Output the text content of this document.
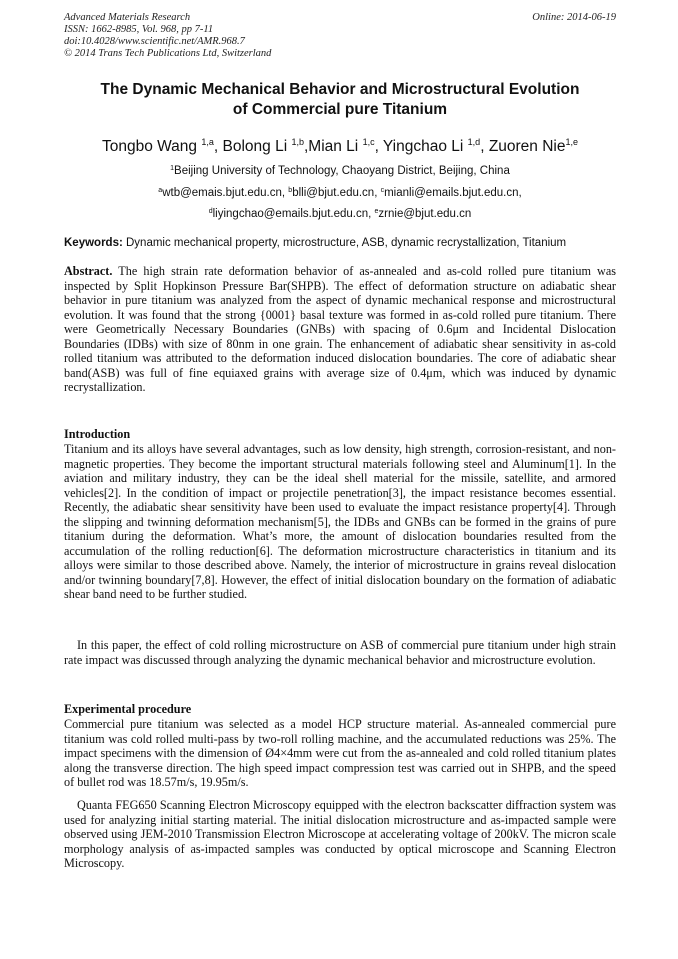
Advanced Materials Research
ISSN: 1662-8985, Vol. 968, pp 7-11
doi:10.4028/www.scientific.net/AMR.968.7
© 2014 Trans Tech Publications Ltd, Switzerland
Online: 2014-06-19
The Dynamic Mechanical Behavior and Microstructural Evolution
of Commercial pure Titanium
Tongbo Wang $^{1,a}$, Bolong Li $^{1,b}$,Mian Li $^{1,c}$, Yingchao Li $^{1,d}$, Zuoren Nie$^{1,e}$
$^1$Beijing University of Technology, Chaoyang District, Beijing, China
$^a$wtb@emais.bjut.edu.cn, $^b$blli@bjut.edu.cn, $^c$mianli@emails.bjut.edu.cn,
$^d$liyingchao@emails.bjut.edu.cn, $^e$zrnie@bjut.edu.cn
Keywords: Dynamic mechanical property, microstructure, ASB, dynamic recrystallization, Titanium
Abstract. The high strain rate deformation behavior of as-annealed and as-cold rolled pure titanium was inspected by Split Hopkinson Pressure Bar(SHPB). The effect of deformation structure on adiabatic shear behavior in pure titanium was analyzed from the aspect of dynamic mechanical response and microstructural evolution. It was found that the strong {0001} basal texture was formed in as-cold rolled pure titanium. There were Geometrically Necessary Boundaries (GNBs) with spacing of 0.6μm and Incidental Dislocation Boundaries (IDBs) with size of 80nm in one grain. The enhancement of adiabatic shear sensitivity in as-cold rolled titanium was attributed to the deformation induced dislocation boundaries. The core of adiabatic shear band(ASB) was full of fine equiaxed grains with average size of 0.4μm, which was induced by dynamic recrystallization.
Introduction
Titanium and its alloys have several advantages, such as low density, high strength, corrosion-resistant, and non-magnetic properties. They become the important structural materials following steel and Aluminum[1]. In the aviation and military industry, they can be the ideal shell material for the missile, satellite, and armored vehicles[2]. In the condition of impact or projectile penetration[3], the impact resistance becomes essential. Recently, the adiabatic shear sensitivity have been used to evaluate the impact resistance property[4]. Through the slipping and twinning deformation mechanism[5], the IDBs and GNBs can be formed in the grains of pure titanium during the deformation. What’s more, the amount of dislocation boundaries resulted from the accumulation of the rolling reduction[6]. The deformation microstructure characteristics in titanium and its alloys were similar to those described above. Namely, the interior of microstructure in grains reveal dislocation and/or twinning boundary[7,8]. However, the effect of initial dislocation boundary on the formation of adiabatic shear band need to be further studied.
In this paper, the effect of cold rolling microstructure on ASB of commercial pure titanium under high strain rate impact was discussed through analyzing the dynamic mechanical behavior and microstructure evolution.
Experimental procedure
Commercial pure titanium was selected as a model HCP structure material. As-annealed commercial pure titanium was cold rolled multi-pass by two-roll rolling machine, and the accumulated reductions was 25%. The impact specimens with the dimension of Ø4×4mm were cut from the as-annealed and cold rolled titanium plates along the transverse direction. The high speed impact compression test was carried out in SHPB, and the speed of bullet rod was 18.57m/s, 19.95m/s.
Quanta FEG650 Scanning Electron Microscopy equipped with the electron backscatter diffraction system was used for analyzing initial starting material. The initial dislocation microstructure and as-impacted sample were observed using JEM-2010 Transmission Electron Microscope at accelerating voltage of 200kV. The micron scale morphology analysis of as-impacted samples was conducted by optical microscope and Scanning Electron Microscopy.
